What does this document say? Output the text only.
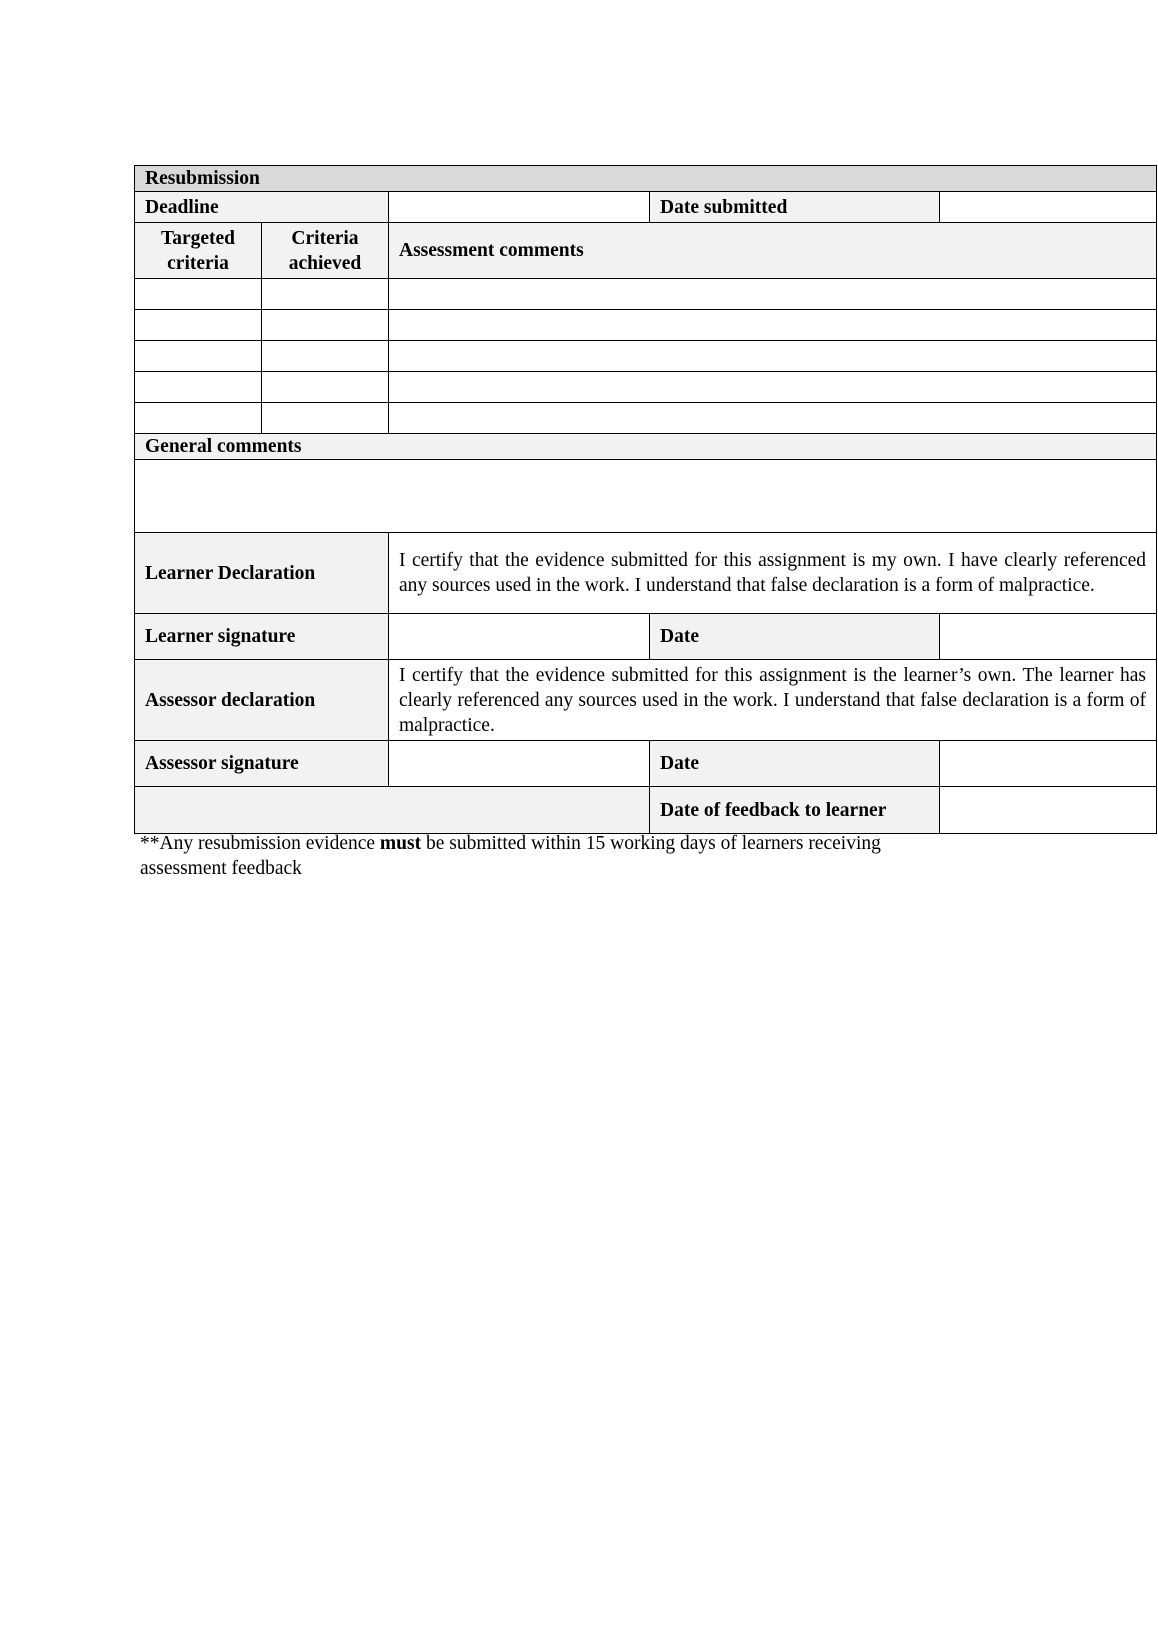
Resubmission				
Deadline			Date submitted	
Targeted criteria	Criteria achieved	Assessment comments		

General comments				

Learner Declaration		I certify that the evidence submitted for this assignment is my own. I have clearly referenced any sources used in the work. I understand that false declaration is a form of malpractice.		
Learner signature			Date	
Assessor declaration		I certify that the evidence submitted for this assignment is the learner’s own. The learner has clearly referenced any sources used in the work. I understand that false declaration is a form of malpractice.		
Assessor signature			Date	
			Date of feedback to learner	
**Any resubmission evidence must be submitted within 15 working days of learners receiving assessment feedback
